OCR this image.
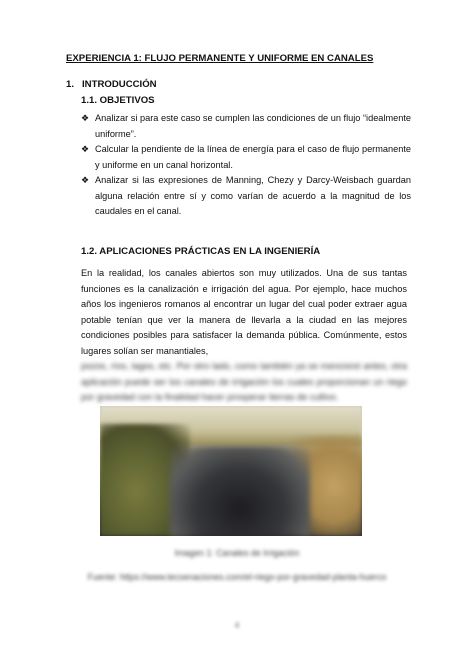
EXPERIENCIA 1: FLUJO PERMANENTE Y UNIFORME EN CANALES
1. INTRODUCCIÓN
1.1. OBJETIVOS
❖ Analizar si para este caso se cumplen las condiciones de un flujo “idealmente uniforme”.
❖ Calcular la pendiente de la línea de energía para el caso de flujo permanente y uniforme en un canal horizontal.
❖ Analizar si las expresiones de Manning, Chezy y Darcy-Weisbach guardan alguna relación entre sí y como varían de acuerdo a la magnitud de los caudales en el canal.
1.2. APLICACIONES PRÁCTICAS EN LA INGENIERÍA

En la realidad, los canales abiertos son muy utilizados. Una de sus tantas funciones es la canalización e irrigación del agua. Por ejemplo, hace muchos años los ingenieros romanos al encontrar un lugar del cual poder extraer agua potable tenían que ver la manera de llevarla a la ciudad en las mejores condiciones posibles para satisfacer la demanda pública. Comúnmente, estos lugares solían ser manantiales,
pozos, ríos, lagos, etc. Por otro lado, como también ya se mencionó antes, otra aplicación puede ser los canales de irrigación los cuales proporcionan un riego por gravedad con la finalidad hacer prosperar tierras de cultivo.

Imagen 1: Canales de Irrigación
Fuente: https://www.tecsenaciones.com/el-riego-por-gravedad-planta-huerco
4
